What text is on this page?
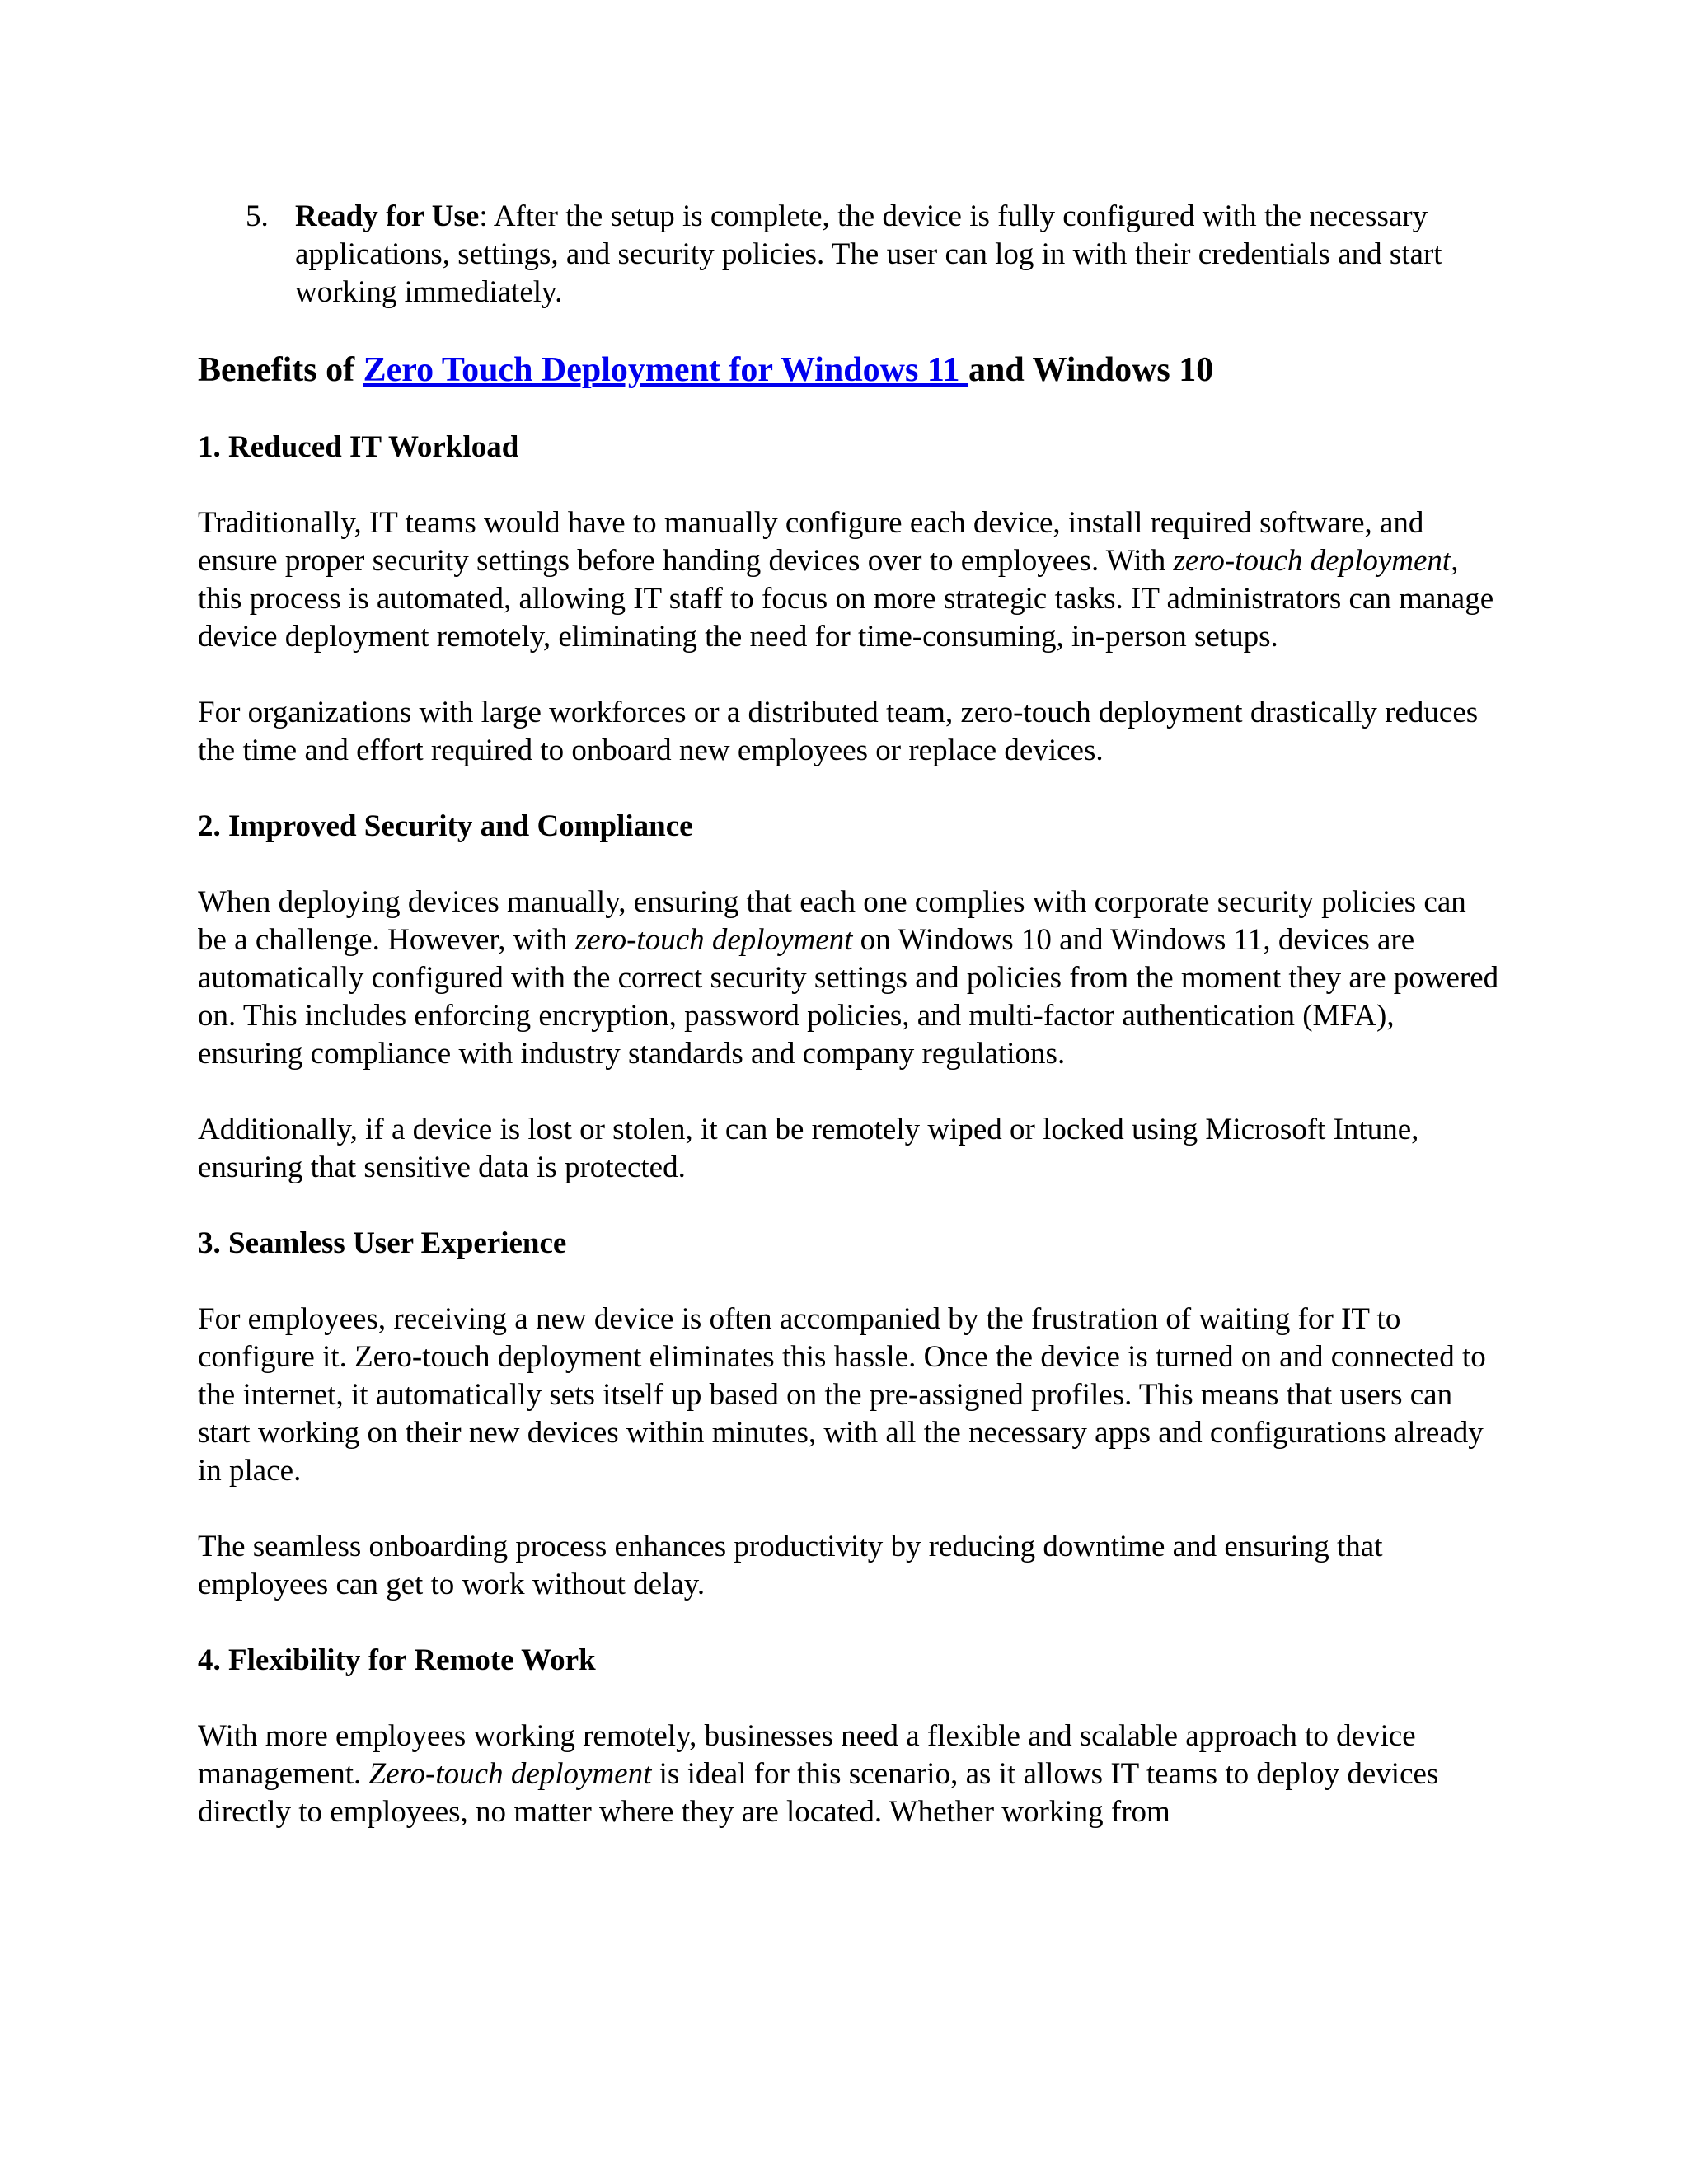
5. Ready for Use: After the setup is complete, the device is fully configured with the necessary applications, settings, and security policies. The user can log in with their credentials and start working immediately.

Benefits of Zero Touch Deployment for Windows 11 and Windows 10
1. Reduced IT Workload

Traditionally, IT teams would have to manually configure each device, install required software, and ensure proper security settings before handing devices over to employees. With zero-touch deployment, this process is automated, allowing IT staff to focus on more strategic tasks. IT administrators can manage device deployment remotely, eliminating the need for time-consuming, in-person setups.

For organizations with large workforces or a distributed team, zero-touch deployment drastically reduces the time and effort required to onboard new employees or replace devices.

2. Improved Security and Compliance

When deploying devices manually, ensuring that each one complies with corporate security policies can be a challenge. However, with zero-touch deployment on Windows 10 and Windows 11, devices are automatically configured with the correct security settings and policies from the moment they are powered on. This includes enforcing encryption, password policies, and multi-factor authentication (MFA), ensuring compliance with industry standards and company regulations.

Additionally, if a device is lost or stolen, it can be remotely wiped or locked using Microsoft Intune, ensuring that sensitive data is protected.

3. Seamless User Experience

For employees, receiving a new device is often accompanied by the frustration of waiting for IT to configure it. Zero-touch deployment eliminates this hassle. Once the device is turned on and connected to the internet, it automatically sets itself up based on the pre-assigned profiles. This means that users can start working on their new devices within minutes, with all the necessary apps and configurations already in place.

The seamless onboarding process enhances productivity by reducing downtime and ensuring that employees can get to work without delay.

4. Flexibility for Remote Work

With more employees working remotely, businesses need a flexible and scalable approach to device management. Zero-touch deployment is ideal for this scenario, as it allows IT teams to deploy devices directly to employees, no matter where they are located. Whether working from
